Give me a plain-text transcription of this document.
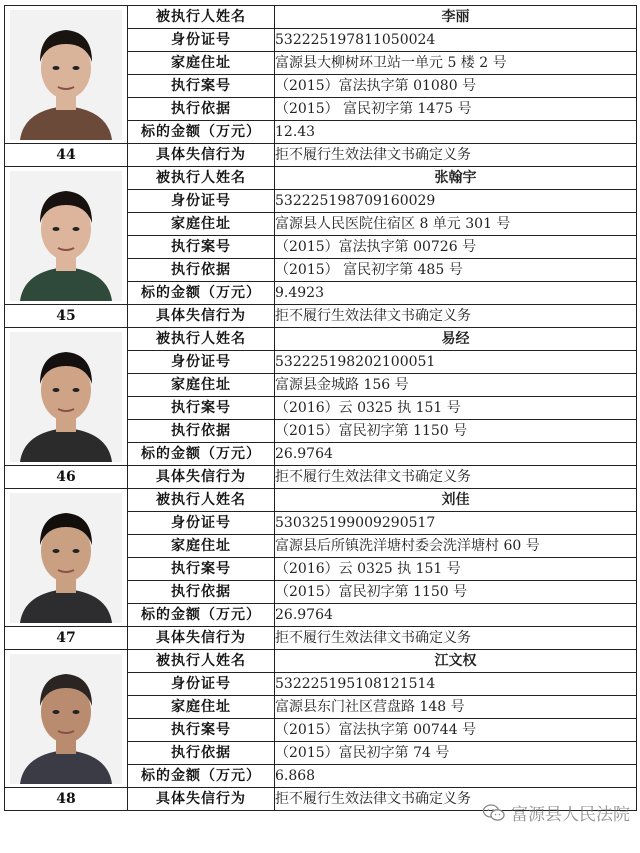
	被执行人姓名	李丽
	身份证号	532225197811050024
	家庭住址	富源县大柳树环卫站一单元 5 楼 2 号
	执行案号	（2015）富法执字第 01080 号
	执行依据	（2015） 富民初字第 1475 号
	标的金额（万元）	12.43
44	具体失信行为	拒不履行生效法律文书确定义务

	被执行人姓名	张翰宇
	身份证号	532225198709160029
	家庭住址	富源县人民医院住宿区 8 单元 301 号
	执行案号	（2015）富法执字第 00726 号
	执行依据	（2015） 富民初字第 485 号
	标的金额（万元）	9.4923
45	具体失信行为	拒不履行生效法律文书确定义务

	被执行人姓名	易经
	身份证号	532225198202100051
	家庭住址	富源县金城路 156 号
	执行案号	（2016）云 0325 执 151 号
	执行依据	（2015）富民初字第 1150 号
	标的金额（万元）	26.9764
46	具体失信行为	拒不履行生效法律文书确定义务

	被执行人姓名	刘佳
	身份证号	530325199009290517
	家庭住址	富源县后所镇洗洋塘村委会洗洋塘村 60 号
	执行案号	（2016）云 0325 执 151 号
	执行依据	（2015）富民初字第 1150 号
	标的金额（万元）	26.9764
47	具体失信行为	拒不履行生效法律文书确定义务

	被执行人姓名	江文权
	身份证号	532225195108121514
	家庭住址	富源县东门社区营盘路 148 号
	执行案号	（2015）富法执字第 00744 号
	执行依据	（2015）富民初字第 74 号
	标的金额（万元）	6.868
48	具体失信行为	拒不履行生效法律文书确定义务
富源县人民法院
